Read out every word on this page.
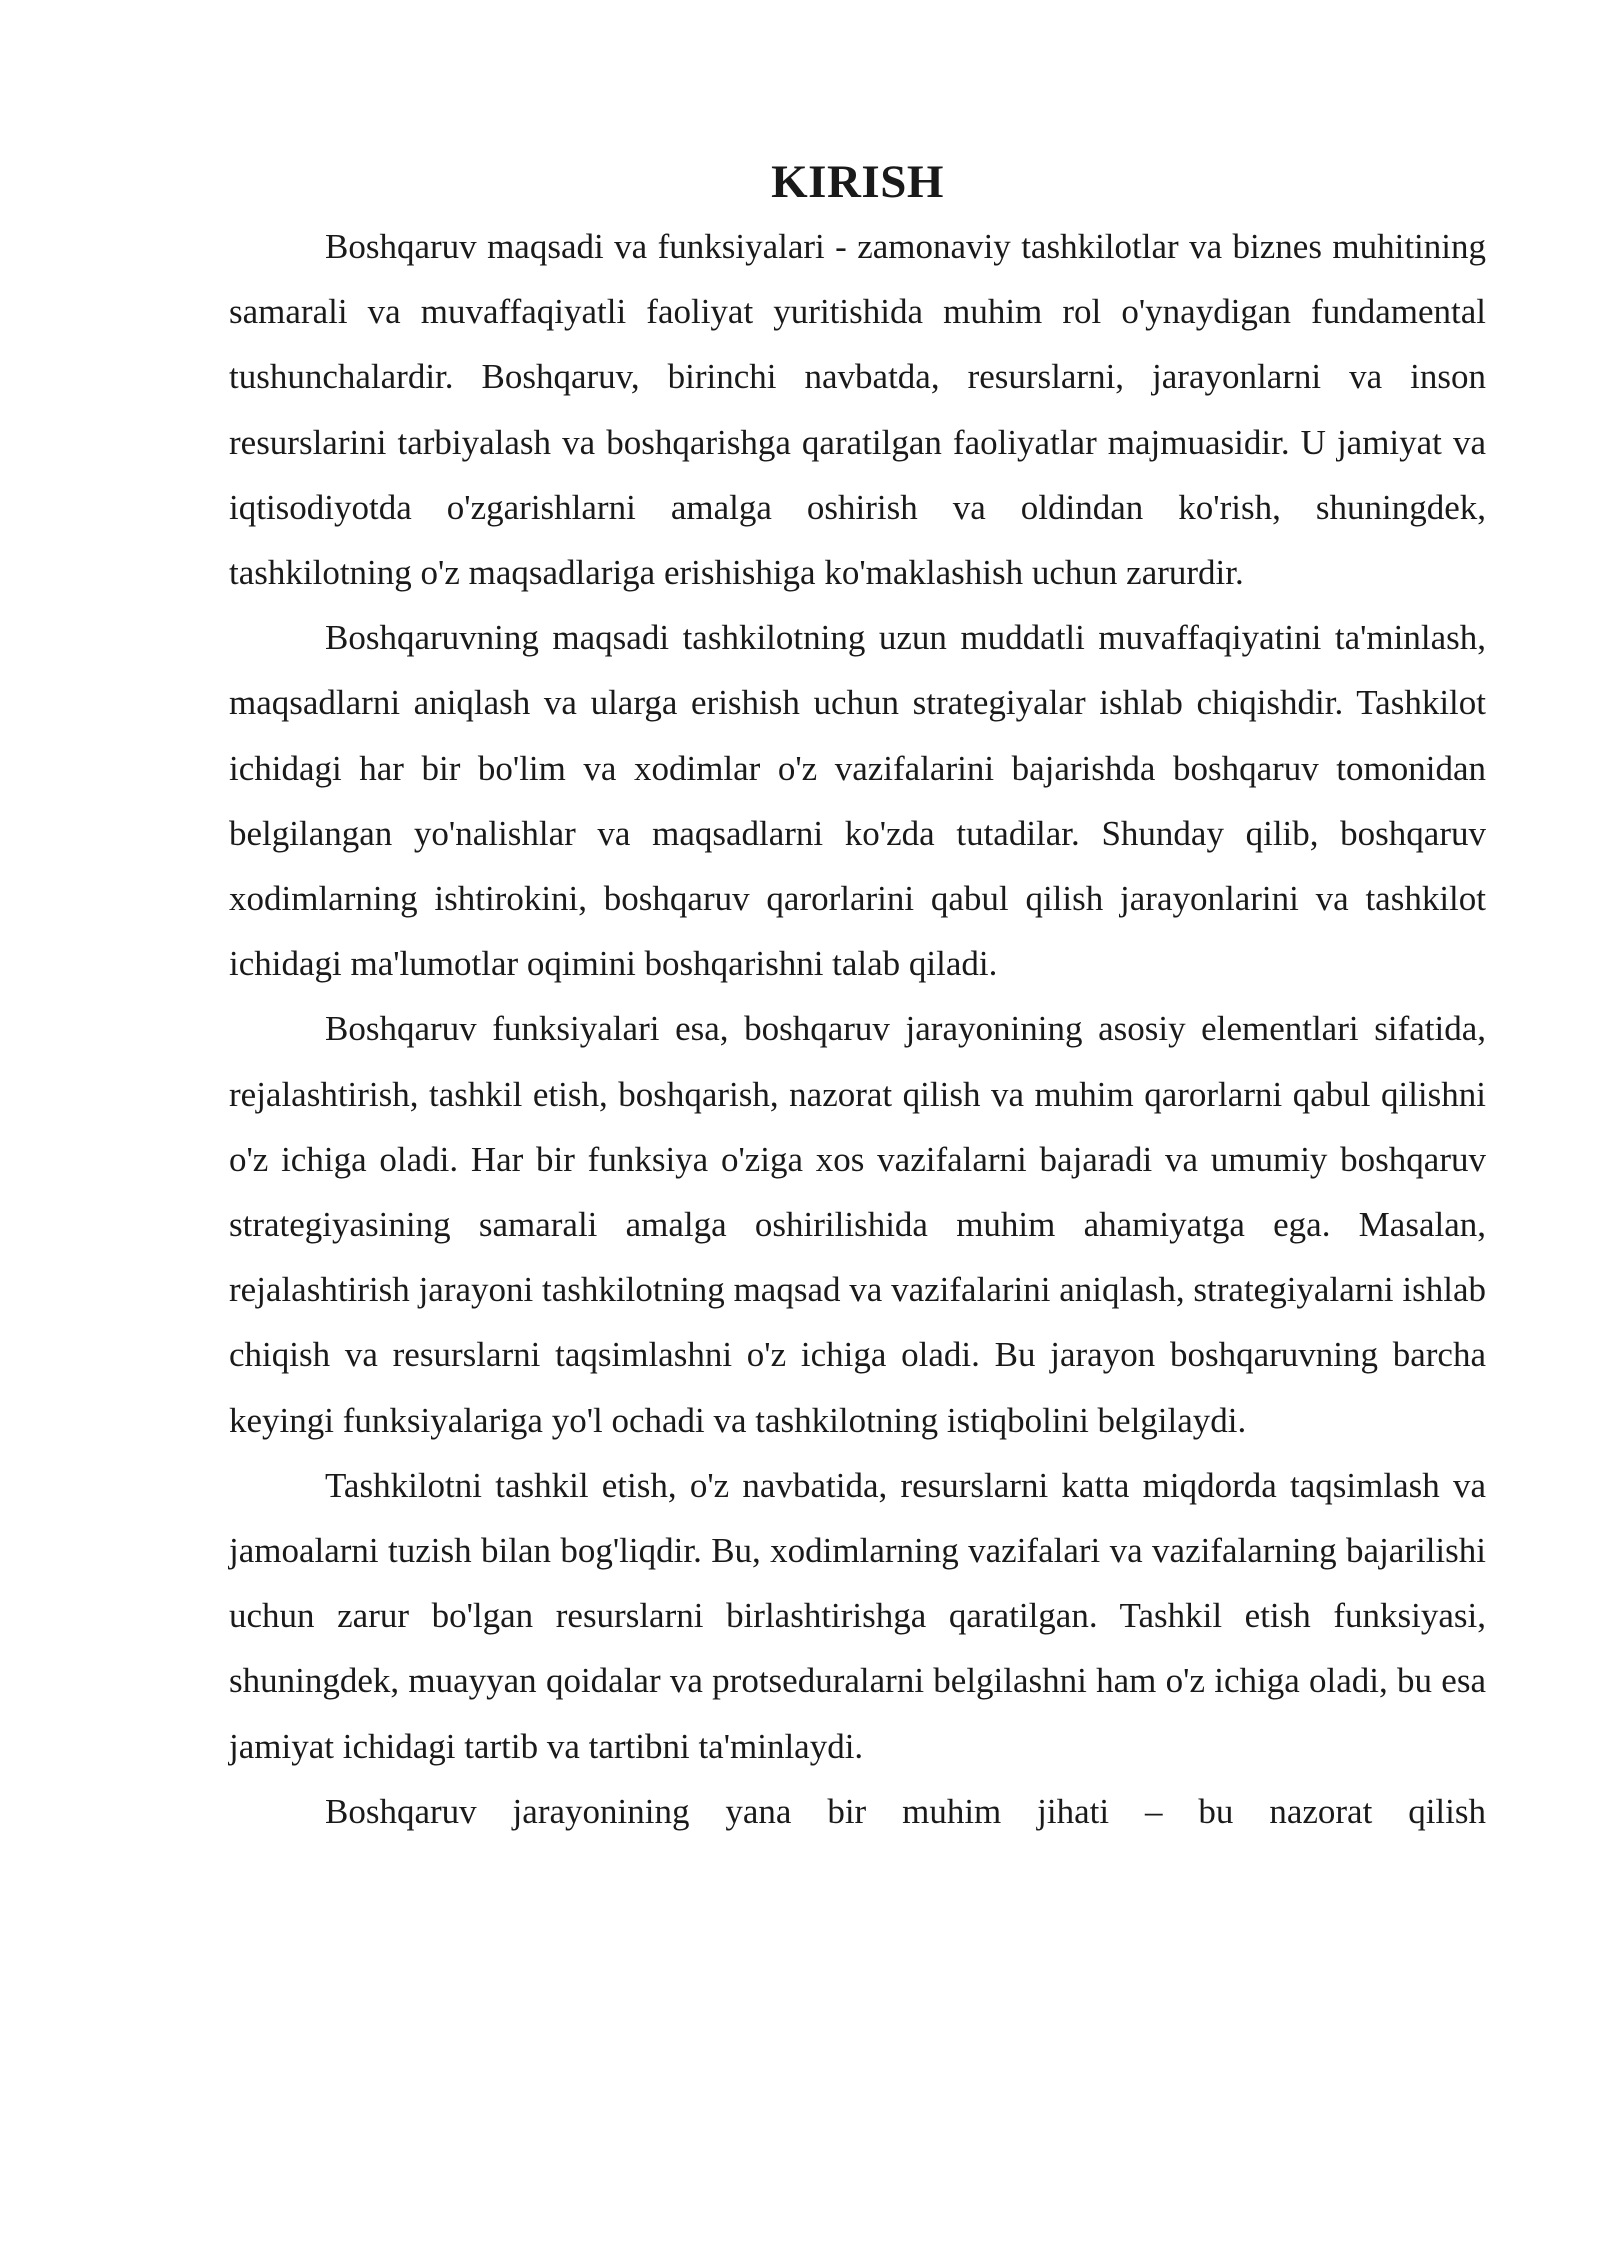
KIRISH

Boshqaruv maqsadi va funksiyalari - zamonaviy tashkilotlar va biznes muhitining samarali va muvaffaqiyatli faoliyat yuritishida muhim rol o'ynaydigan fundamental tushunchalardir. Boshqaruv, birinchi navbatda, resurslarni, jarayonlarni va inson resurslarini tarbiyalash va boshqarishga qaratilgan faoliyatlar majmuasidir. U jamiyat va iqtisodiyotda o'zgarishlarni amalga oshirish va oldindan ko'rish, shuningdek, tashkilotning o'z maqsadlariga erishishiga ko'maklashish uchun zarurdir.

Boshqaruvning maqsadi tashkilotning uzun muddatli muvaffaqiyatini ta'minlash, maqsadlarni aniqlash va ularga erishish uchun strategiyalar ishlab chiqishdir. Tashkilot ichidagi har bir bo'lim va xodimlar o'z vazifalarini bajarishda boshqaruv tomonidan belgilangan yo'nalishlar va maqsadlarni ko'zda tutadilar. Shunday qilib, boshqaruv xodimlarning ishtirokini, boshqaruv qarorlarini qabul qilish jarayonlarini va tashkilot ichidagi ma'lumotlar oqimini boshqarishni talab qiladi.

Boshqaruv funksiyalari esa, boshqaruv jarayonining asosiy elementlari sifatida, rejalashtirish, tashkil etish, boshqarish, nazorat qilish va muhim qarorlarni qabul qilishni o'z ichiga oladi. Har bir funksiya o'ziga xos vazifalarni bajaradi va umumiy boshqaruv strategiyasining samarali amalga oshirilishida muhim ahamiyatga ega. Masalan, rejalashtirish jarayoni tashkilotning maqsad va vazifalarini aniqlash, strategiyalarni ishlab chiqish va resurslarni taqsimlashni o'z ichiga oladi. Bu jarayon boshqaruvning barcha keyingi funksiyalariga yo'l ochadi va tashkilotning istiqbolini belgilaydi.

Tashkilotni tashkil etish, o'z navbatida, resurslarni katta miqdorda taqsimlash va jamoalarni tuzish bilan bog'liqdir. Bu, xodimlarning vazifalari va vazifalarning bajarilishi uchun zarur bo'lgan resurslarni birlashtirishga qaratilgan. Tashkil etish funksiyasi, shuningdek, muayyan qoidalar va protseduralarni belgilashni ham o'z ichiga oladi, bu esa jamiyat ichidagi tartib va tartibni ta'minlaydi.

Boshqaruv jarayonining yana bir muhim jihati – bu nazorat qilish
